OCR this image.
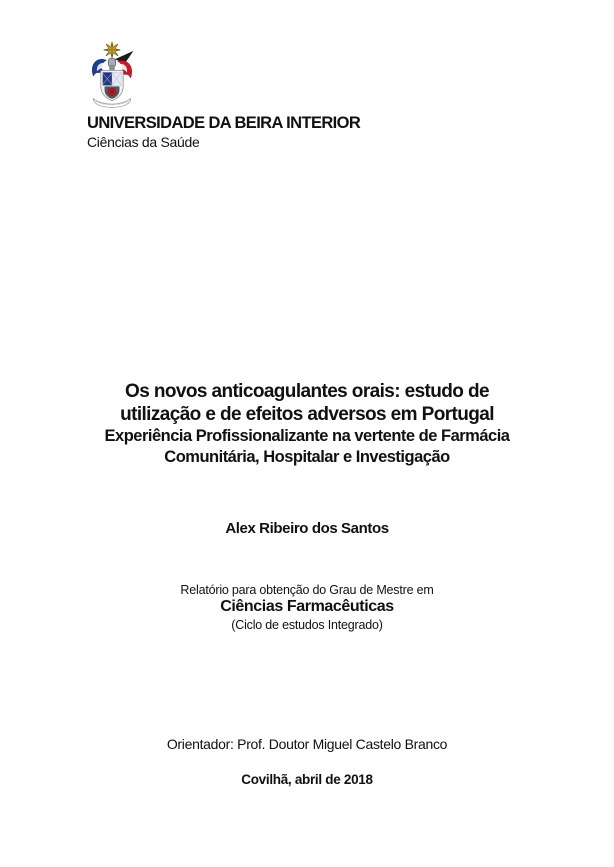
UNIVERSIDADE DA BEIRA INTERIOR
Ciências da Saúde
Os novos anticoagulantes orais: estudo de
utilização e de efeitos adversos em Portugal
Experiência Profissionalizante na vertente de Farmácia
Comunitária, Hospitalar e Investigação
Alex Ribeiro dos Santos
Relatório para obtenção do Grau de Mestre em
Ciências Farmacêuticas
(Ciclo de estudos Integrado)
Orientador: Prof. Doutor Miguel Castelo Branco
Covilhã, abril de 2018
